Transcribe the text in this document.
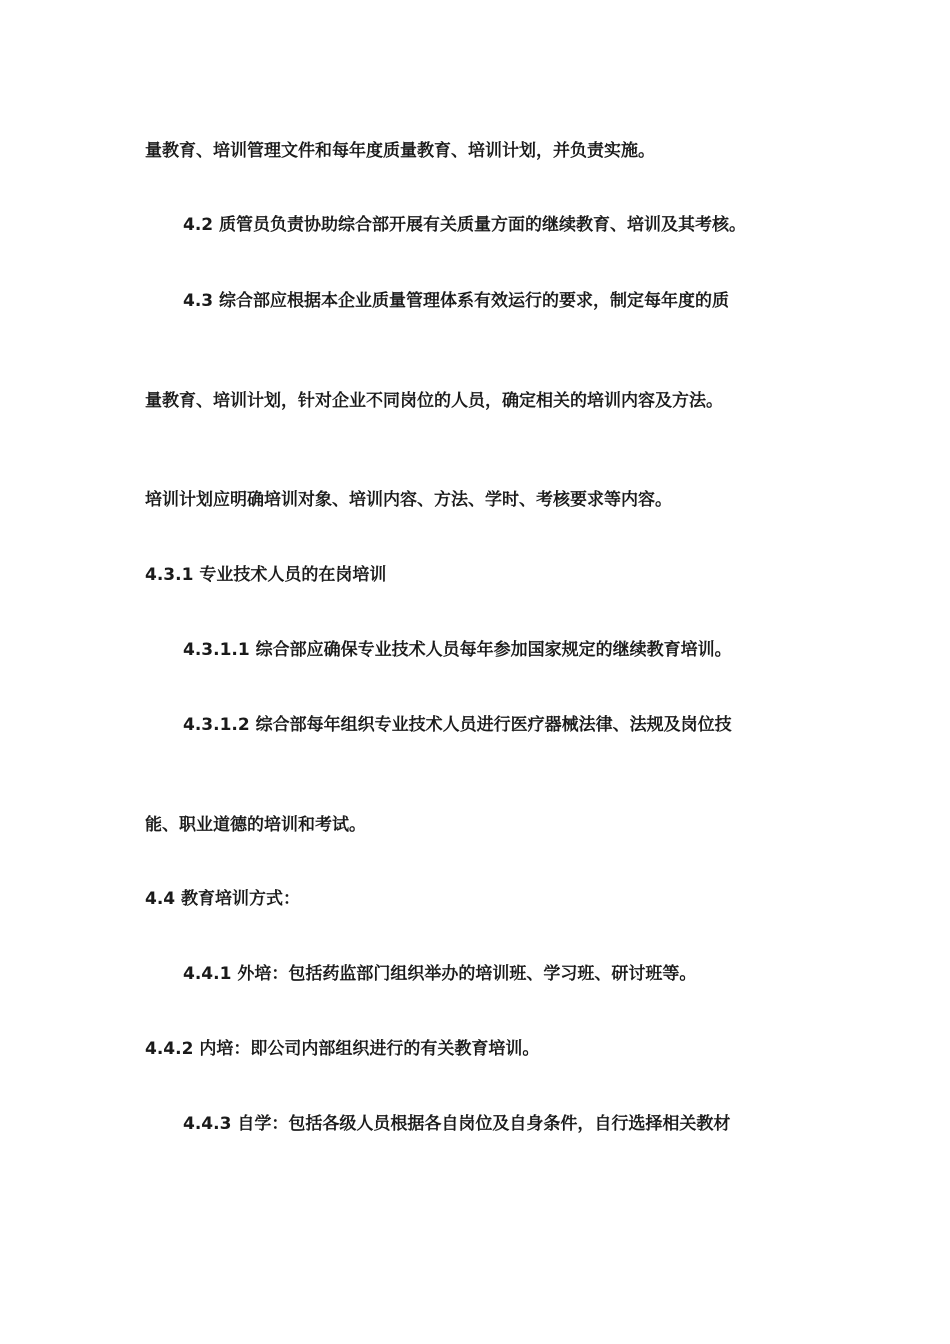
量教育、培训管理文件和每年度质量教育、培训计划，并负责实施。
4.2 质管员负责协助综合部开展有关质量方面的继续教育、培训及其考核。
4.3 综合部应根据本企业质量管理体系有效运行的要求，制定每年度的质
量教育、培训计划，针对企业不同岗位的人员，确定相关的培训内容及方法。
培训计划应明确培训对象、培训内容、方法、学时、考核要求等内容。
4.3.1 专业技术人员的在岗培训
4.3.1.1 综合部应确保专业技术人员每年参加国家规定的继续教育培训。
4.3.1.2 综合部每年组织专业技术人员进行医疗器械法律、法规及岗位技
能、职业道德的培训和考试。
4.4 教育培训方式：
4.4.1 外培：包括药监部门组织举办的培训班、学习班、研讨班等。
4.4.2 内培：即公司内部组织进行的有关教育培训。
4.4.3 自学：包括各级人员根据各自岗位及自身条件，自行选择相关教材
